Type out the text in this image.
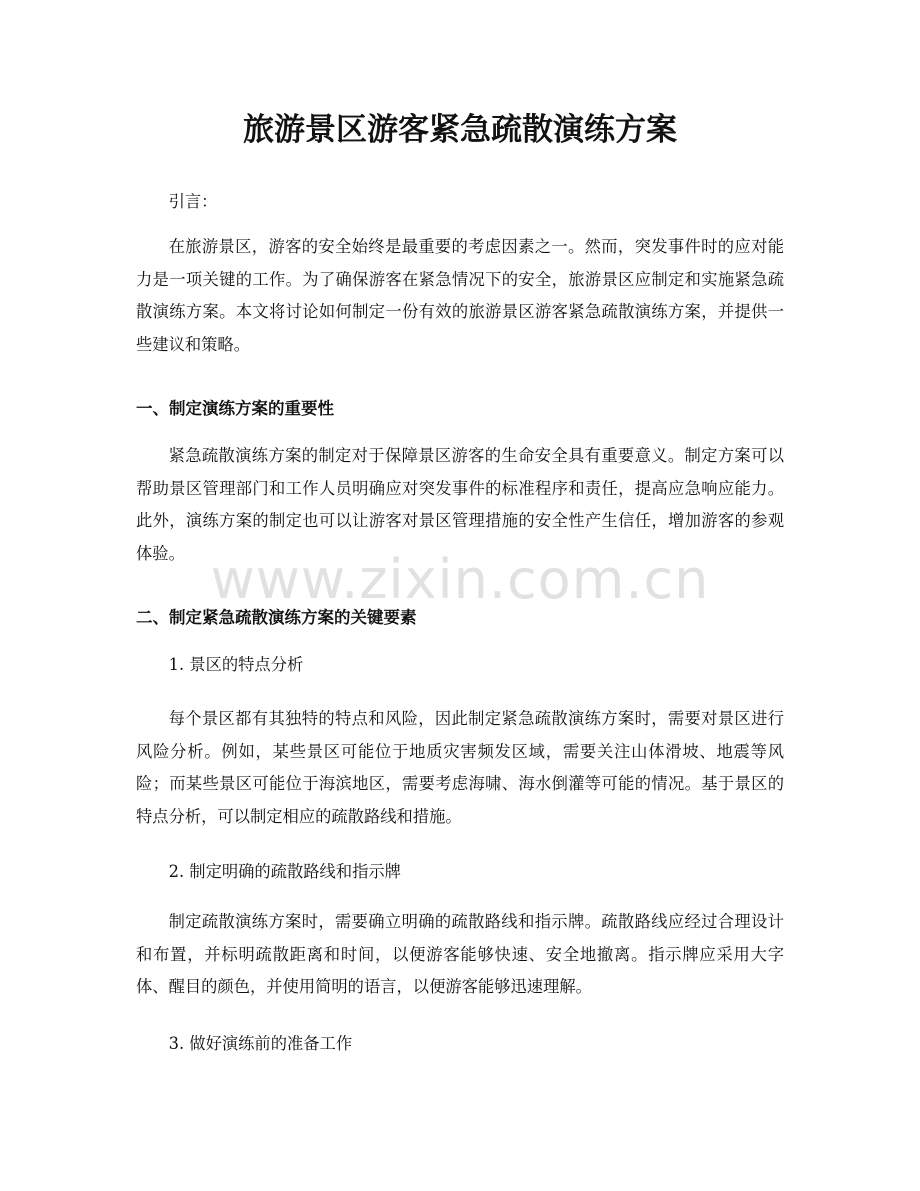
旅游景区游客紧急疏散演练方案

引言：

在旅游景区，游客的安全始终是最重要的考虑因素之一。然而，突发事件时的应对能力是一项关键的工作。为了确保游客在紧急情况下的安全，旅游景区应制定和实施紧急疏散演练方案。本文将讨论如何制定一份有效的旅游景区游客紧急疏散演练方案，并提供一些建议和策略。

一、制定演练方案的重要性

紧急疏散演练方案的制定对于保障景区游客的生命安全具有重要意义。制定方案可以帮助景区管理部门和工作人员明确应对突发事件的标准程序和责任，提高应急响应能力。此外，演练方案的制定也可以让游客对景区管理措施的安全性产生信任，增加游客的参观体验。

二、制定紧急疏散演练方案的关键要素

1. 景区的特点分析

每个景区都有其独特的特点和风险，因此制定紧急疏散演练方案时，需要对景区进行风险分析。例如，某些景区可能位于地质灾害频发区域，需要关注山体滑坡、地震等风险；而某些景区可能位于海滨地区，需要考虑海啸、海水倒灌等可能的情况。基于景区的特点分析，可以制定相应的疏散路线和措施。

2. 制定明确的疏散路线和指示牌

制定疏散演练方案时，需要确立明确的疏散路线和指示牌。疏散路线应经过合理设计和布置，并标明疏散距离和时间，以便游客能够快速、安全地撤离。指示牌应采用大字体、醒目的颜色，并使用简明的语言，以便游客能够迅速理解。

3. 做好演练前的准备工作

www.zixin.com.cn
